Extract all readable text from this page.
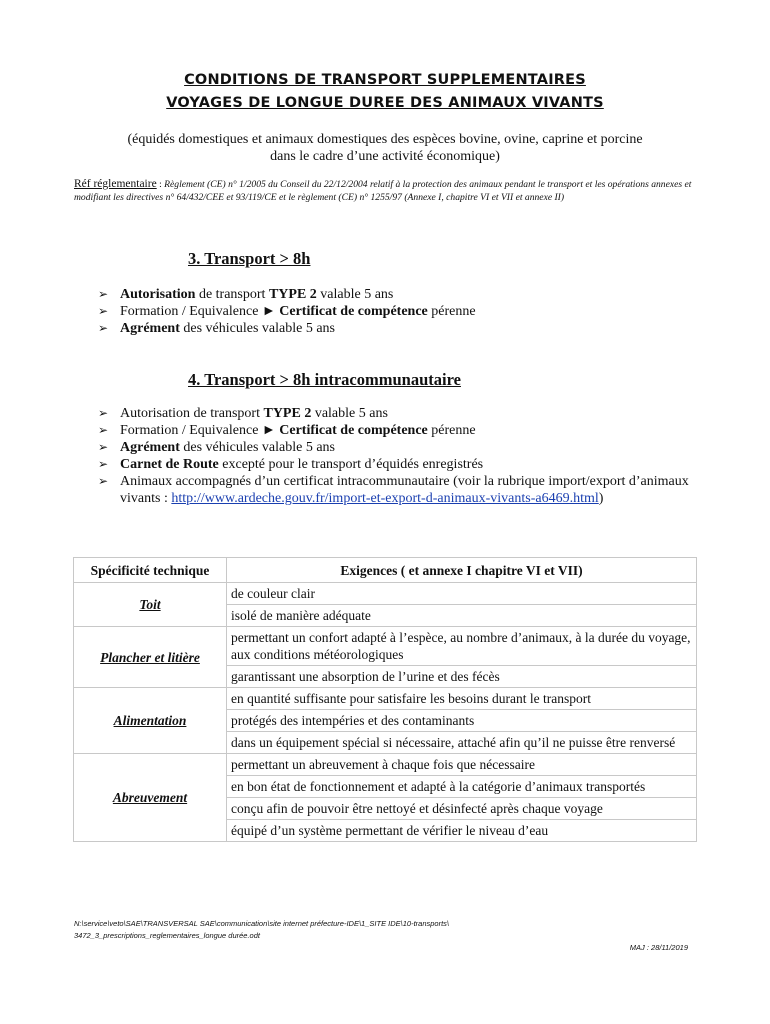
CONDITIONS DE TRANSPORT SUPPLEMENTAIRES
VOYAGES DE LONGUE DUREE DES ANIMAUX VIVANTS
(équidés domestiques et animaux domestiques des espèces bovine, ovine, caprine et porcine
dans le cadre d’une activité économique)
Réf réglementaire : Règlement (CE) n° 1/2005 du Conseil du 22/12/2004 relatif à la protection des animaux pendant le transport et les opérations annexes et modifiant les directives n° 64/432/CEE et 93/119/CE et le règlement (CE) n° 1255/97 (Annexe I, chapitre VI et VII et annexe II)
3. Transport > 8h
➢ Autorisation de transport TYPE 2 valable 5 ans
➢ Formation / Equivalence ► Certificat de compétence pérenne
➢ Agrément des véhicules valable 5 ans
4. Transport > 8h intracommunautaire
➢ Autorisation de transport TYPE 2 valable 5 ans
➢ Formation / Equivalence ► Certificat de compétence pérenne
➢ Agrément des véhicules valable 5 ans
➢ Carnet de Route excepté pour le transport d’équidés enregistrés
➢ Animaux accompagnés d’un certificat intracommunautaire (voir la rubrique import/export d’animaux vivants : http://www.ardeche.gouv.fr/import-et-export-d-animaux-vivants-a6469.html)
Spécificité technique	Exigences ( et annexe I chapitre VI et VII)
Toit	de couleur clair
	isolé de manière adéquate
Plancher et litière	permettant un confort adapté à l’espèce, au nombre d’animaux, à la durée du voyage, aux conditions météorologiques
	garantissant une absorption de l’urine et des fécès
Alimentation	en quantité suffisante pour satisfaire les besoins durant le transport
	protégés des intempéries et des contaminants
	dans un équipement spécial si nécessaire, attaché afin qu’il ne puisse être renversé
Abreuvement	permettant un abreuvement à chaque fois que nécessaire
	en bon état de fonctionnement et adapté à la catégorie d’animaux transportés
	conçu afin de pouvoir être nettoyé et désinfecté après chaque voyage
	équipé d’un système permettant de vérifier le niveau d’eau
N:\service\veto\SAE\TRANSVERSAL SAE\communication\site internet préfecture-IDE\1_SITE IDE\10-transports\
3472_3_prescriptions_reglementaires_longue durée.odt
MAJ : 28/11/2019
